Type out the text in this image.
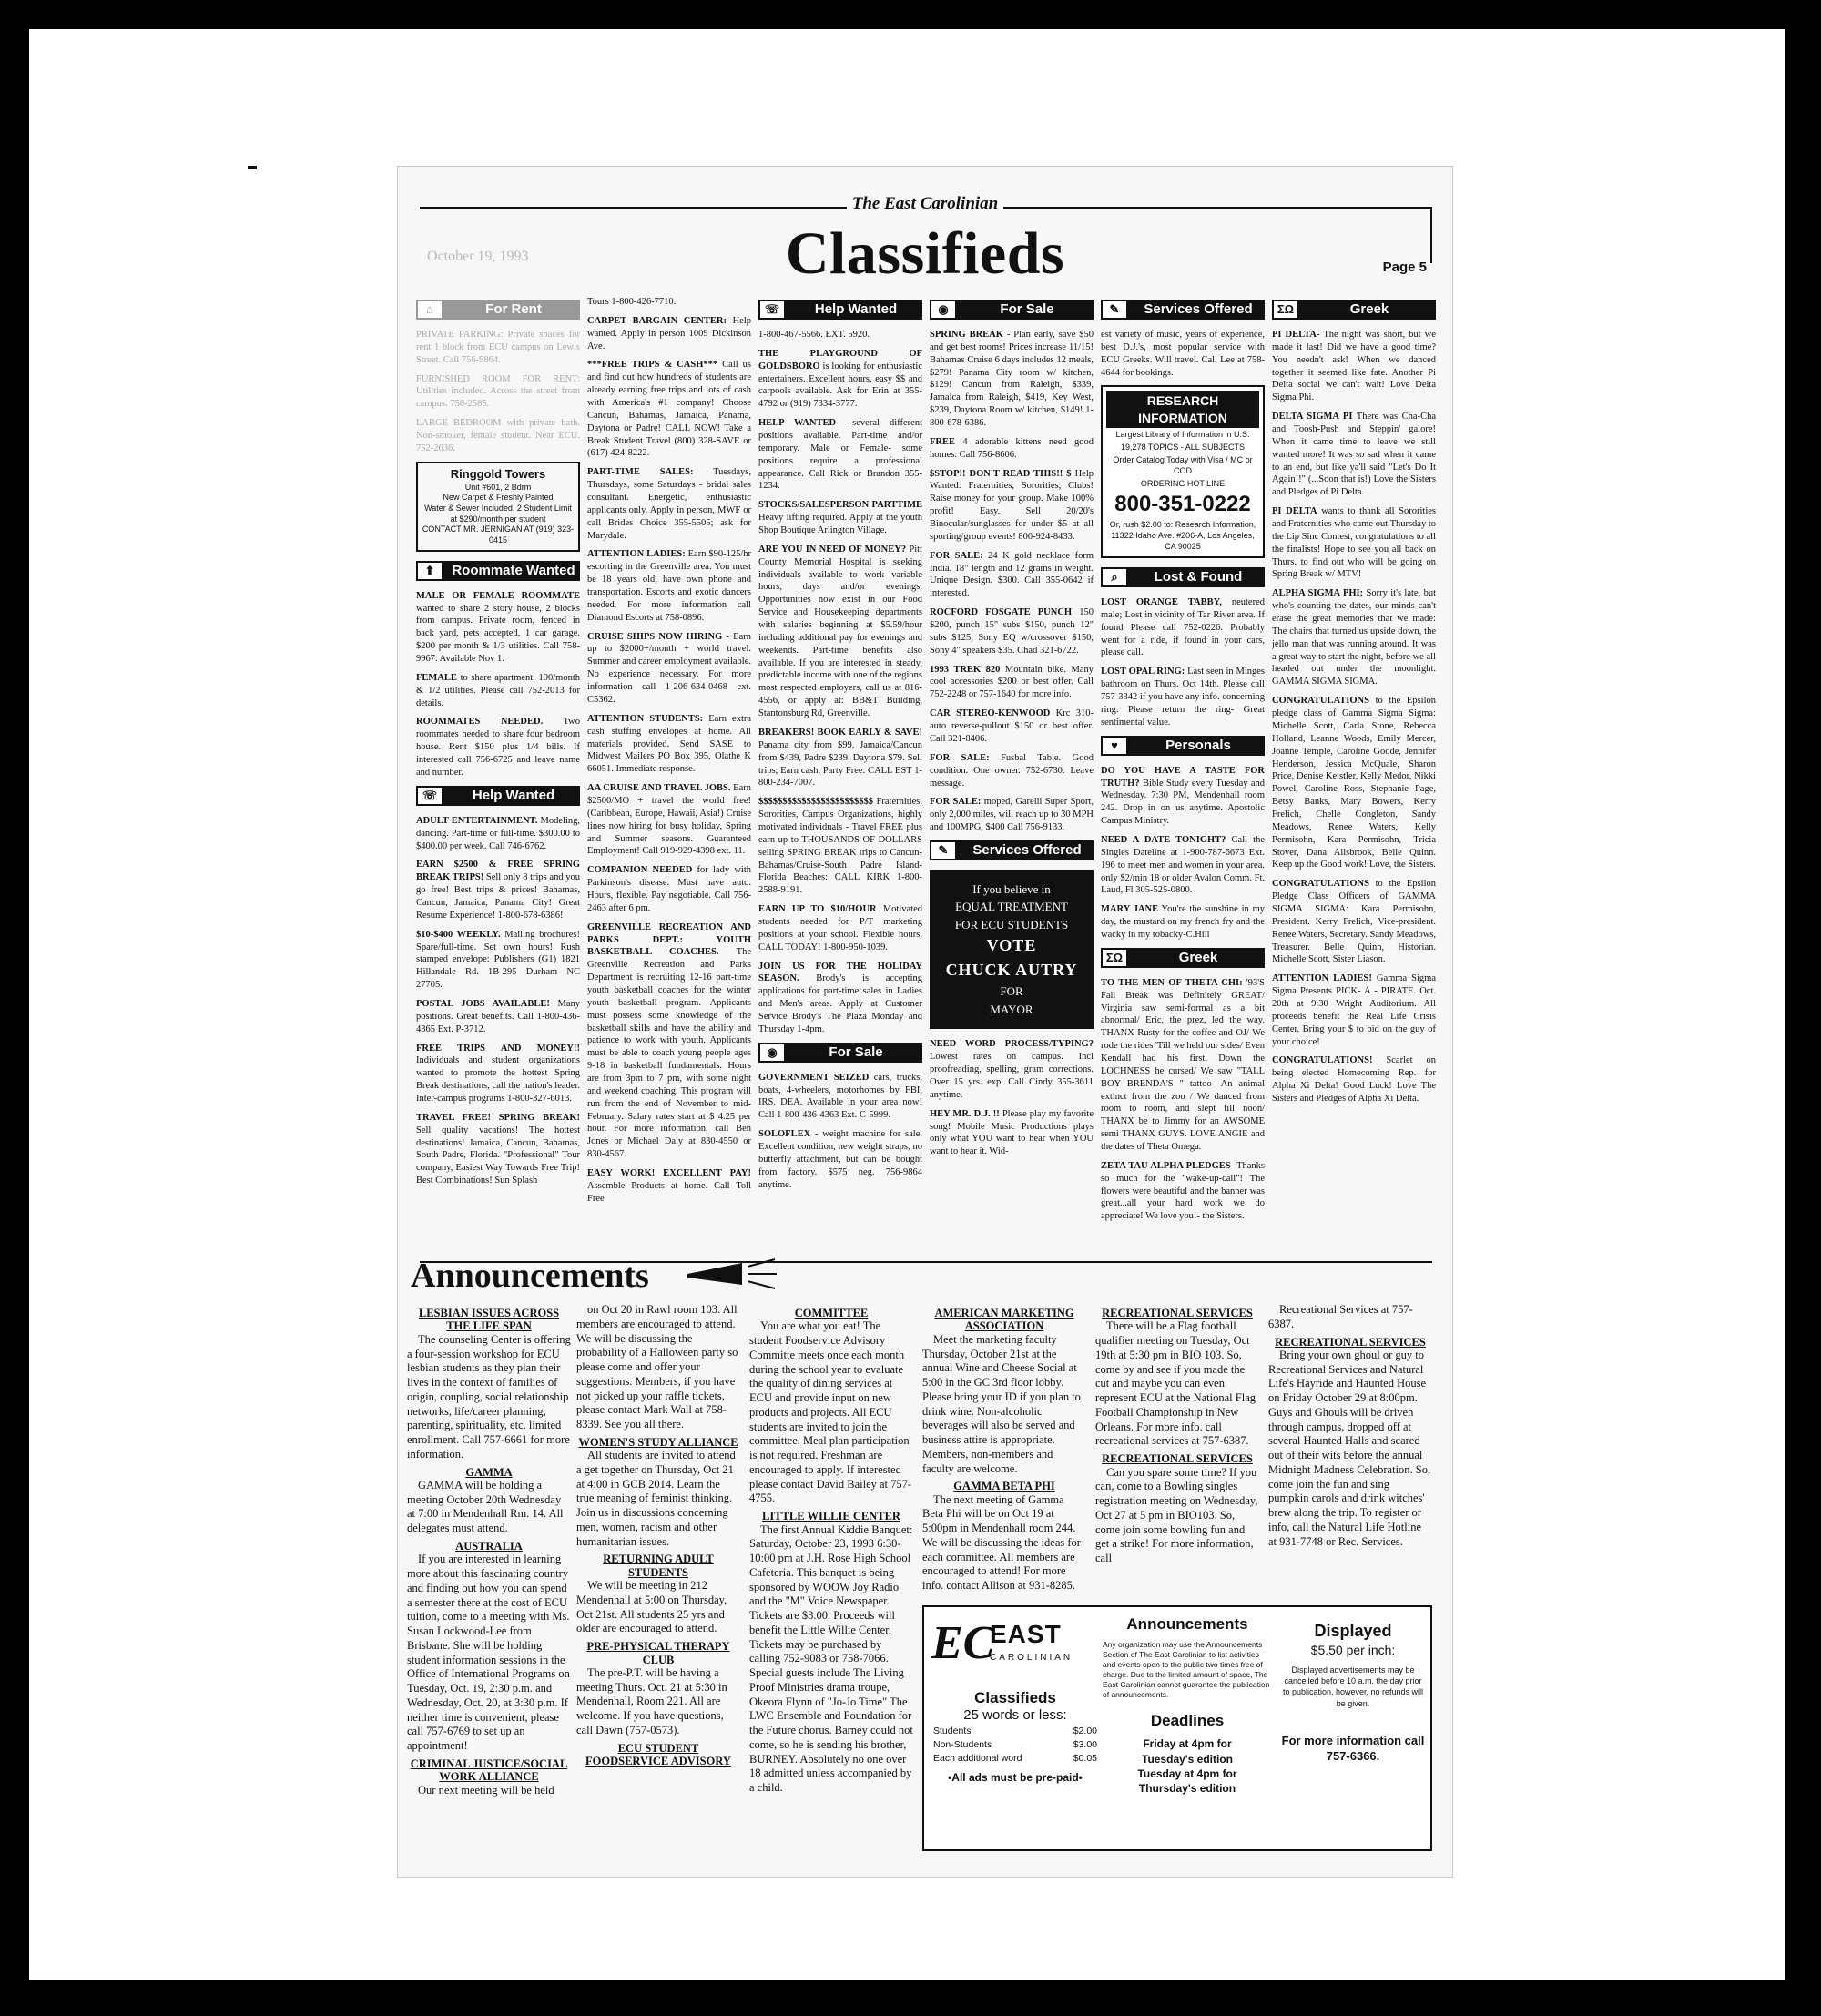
The East Carolinian
Classifieds
October 19, 1993
Page 5
⌂	For Rent

PRIVATE PARKING: Private spaces for rent 1 block from ECU campus on Lewis Street. Call 756-9864.

FURNISHED ROOM FOR RENT: Utilities included. Across the street from campus. 758-2585.

LARGE BEDROOM with private bath. Non-smoker, female student. Near ECU. 752-2636.

Ringgold Towers
Unit #601, 2 Bdrm
New Carpet & Freshly Painted
Water & Sewer Included, 2 Student Limit
at $290/month per student
CONTACT MR. JERNIGAN AT (919) 323-0415
⬆	Roommate Wanted

MALE OR FEMALE ROOMMATE wanted to share 2 story house, 2 blocks from campus. Private room, fenced in back yard, pets accepted, 1 car garage. $200 per month & 1/3 utilities. Call 758-9967. Available Nov 1.

FEMALE to share apartment. 190/month & 1/2 utilities. Please call 752-2013 for details.

ROOMMATES NEEDED. Two roommates needed to share four bedroom house. Rent $150 plus 1/4 bills. If interested call 756-6725 and leave name and number.

☏	Help Wanted

ADULT ENTERTAINMENT. Modeling, dancing. Part-time or full-time. $300.00 to $400.00 per week. Call 746-6762.

EARN $2500 & FREE SPRING BREAK TRIPS! Sell only 8 trips and you go free! Best trips & prices! Bahamas, Cancun, Jamaica, Panama City! Great Resume Experience! 1-800-678-6386!

$10-$400 WEEKLY. Mailing brochures! Spare/full-time. Set own hours! Rush stamped envelope: Publishers (G1) 1821 Hillandale Rd. 1B-295 Durham NC 27705.

POSTAL JOBS AVAILABLE! Many positions. Great benefits. Call 1-800-436-4365 Ext. P-3712.

FREE TRIPS AND MONEY!! Individuals and student organizations wanted to promote the hottest Spring Break destinations, call the nation's leader. Inter-campus programs 1-800-327-6013.

TRAVEL FREE! SPRING BREAK! Sell quality vacations! The hottest destinations! Jamaica, Cancun, Bahamas, South Padre, Florida. "Professional" Tour company, Easiest Way Towards Free Trip! Best Combinations! Sun Splash

Tours 1-800-426-7710.

CARPET BARGAIN CENTER: Help wanted. Apply in person 1009 Dickinson Ave.

***FREE TRIPS & CASH*** Call us and find out how hundreds of students are already earning free trips and lots of cash with America's #1 company! Choose Cancun, Bahamas, Jamaica, Panama, Daytona or Padre! CALL NOW! Take a Break Student Travel (800) 328-SAVE or (617) 424-8222.

PART-TIME SALES: Tuesdays, Thursdays, some Saturdays - bridal sales consultant. Energetic, enthusiastic applicants only. Apply in person, MWF or call Brides Choice 355-5505; ask for Marydale.

ATTENTION LADIES: Earn $90-125/hr escorting in the Greenville area. You must be 18 years old, have own phone and transportation. Escorts and exotic dancers needed. For more information call Diamond Escorts at 758-0896.

CRUISE SHIPS NOW HIRING - Earn up to $2000+/month + world travel. Summer and career employment available. No experience necessary. For more information call 1-206-634-0468 ext. C5362.

ATTENTION STUDENTS: Earn extra cash stuffing envelopes at home. All materials provided. Send SASE to Midwest Mailers PO Box 395, Olathe K 66051. Immediate response.

AA CRUISE AND TRAVEL JOBS. Earn $2500/MO + travel the world free! (Caribbean, Europe, Hawaii, Asia!) Cruise lines now hiring for busy holiday, Spring and Summer seasons. Guaranteed Employment! Call 919-929-4398 ext. 11.

COMPANION NEEDED for lady with Parkinson's disease. Must have auto. Hours, flexible. Pay negotiable. Call 756-2463 after 6 pm.

GREENVILLE RECREATION AND PARKS DEPT.: YOUTH BASKETBALL COACHES. The Greenville Recreation and Parks Department is recruiting 12-16 part-time youth basketball coaches for the winter youth basketball program. Applicants must possess some knowledge of the basketball skills and have the ability and patience to work with youth. Applicants must be able to coach young people ages 9-18 in basketball fundamentals. Hours are from 3pm to 7 pm, with some night and weekend coaching. This program will run from the end of November to mid-February. Salary rates start at $ 4.25 per hour. For more information, call Ben Jones or Michael Daly at 830-4550 or 830-4567.

EASY WORK! EXCELLENT PAY! Assemble Products at home. Call Toll Free

☏	Help Wanted

1-800-467-5566. EXT. 5920.

THE PLAYGROUND OF GOLDSBORO is looking for enthusiastic entertainers. Excellent hours, easy $$ and carpools available. Ask for Erin at 355-4792 or (919) 7334-3777.

HELP WANTED --several different positions available. Part-time and/or temporary. Male or Female- some positions require a professional appearance. Call Rick or Brandon 355-1234.

STOCKS/SALESPERSON PARTTIME Heavy lifting required. Apply at the youth Shop Boutique Arlington Village.

ARE YOU IN NEED OF MONEY? Pitt County Memorial Hospital is seeking individuals available to work variable hours, days and/or evenings. Opportunities now exist in our Food Service and Housekeeping departments with salaries beginning at $5.59/hour including additional pay for evenings and weekends. Part-time benefits also available. If you are interested in steady, predictable income with one of the regions most respected employers, call us at 816-4556, or apply at: BB&T Building, Stantonsburg Rd, Greenville.

BREAKERS! BOOK EARLY & SAVE! Panama city from $99, Jamaica/Cancun from $439, Padre $239, Daytona $79. Sell trips, Earn cash, Party Free. CALL EST 1-800-234-7007.

$$$$$$$$$$$$$$$$$$$$$$$$ Fraternities, Sororities, Campus Organizations, highly motivated individuals - Travel FREE plus earn up to THOUSANDS OF DOLLARS selling SPRING BREAK trips to Cancun-Bahamas/Cruise-South Padre Island-Florida Beaches: CALL KIRK 1-800-2588-9191.

EARN UP TO $10/HOUR Motivated students needed for P/T marketing positions at your school. Flexible hours. CALL TODAY! 1-800-950-1039.

JOIN US FOR THE HOLIDAY SEASON. Brody's is accepting applications for part-time sales in Ladies and Men's areas. Apply at Customer Service Brody's The Plaza Monday and Thursday 1-4pm.

◉	For Sale

GOVERNMENT SEIZED cars, trucks, boats, 4-wheelers, motorhomes by FBI, IRS, DEA. Available in your area now! Call 1-800-436-4363 Ext. C-5999.

SOLOFLEX - weight machine for sale. Excellent condition, new weight straps, no butterfly attachment, but can be bought from factory. $575 neg. 756-9864 anytime.

◉	For Sale

SPRING BREAK - Plan early, save $50 and get best rooms! Prices increase 11/15! Bahamas Cruise 6 days includes 12 meals, $279! Panama City room w/ kitchen, $129! Cancun from Raleigh, $339, Jamaica from Raleigh, $419, Key West, $239, Daytona Room w/ kitchen, $149! 1-800-678-6386.

FREE 4 adorable kittens need good homes. Call 756-8606.

$STOP!! DON'T READ THIS!! $ Help Wanted: Fraternities, Sororities, Clubs! Raise money for your group. Make 100% profit! Easy. Sell 20/20's Binocular/sunglasses for under $5 at all sporting/group events! 800-924-8433.

FOR SALE: 24 K gold necklace form India. 18" length and 12 grams in weight. Unique Design. $300. Call 355-0642 if interested.

ROCFORD FOSGATE PUNCH 150 $200, punch 15" subs $150, punch 12" subs $125, Sony EQ w/crossover $150, Sony 4" speakers $35. Chad 321-6722.

1993 TREK 820 Mountain bike. Many cool accessories $200 or best offer. Call 752-2248 or 757-1640 for more info.

CAR STEREO-KENWOOD Krc 310-auto reverse-pullout $150 or best offer. Call 321-8406.

FOR SALE: Fusbal Table. Good condition. One owner. 752-6730. Leave message.

FOR SALE: moped, Garelli Super Sport, only 2,000 miles, will reach up to 30 MPH and 100MPG, $400 Call 756-9133.

✎	Services Offered
If you believe in
EQUAL TREATMENT
FOR ECU STUDENTS
VOTE
CHUCK AUTRY
FOR
MAYOR

NEED WORD PROCESS/TYPING? Lowest rates on campus. Incl proofreading, spelling, gram corrections. Over 15 yrs. exp. Call Cindy 355-3611 anytime.

HEY MR. D.J. !! Please play my favorite song! Mobile Music Productions plays only what YOU want to hear when YOU want to hear it. Wid-

✎	Services Offered

est variety of music, years of experience, best D.J.'s, most popular service with ECU Greeks. Will travel. Call Lee at 758-4644 for bookings.

RESEARCH INFORMATION
Largest Library of Information in U.S.
19,278 TOPICS - ALL SUBJECTS
Order Catalog Today with Visa / MC or COD
ORDERING HOT LINE
800-351-0222
Or, rush $2.00 to: Research Information, 11322 Idaho Ave. #206-A, Los Angeles, CA 90025
⌕	Lost & Found

LOST ORANGE TABBY, neutered male; Lost in vicinity of Tar River area. If found Please call 752-0226. Probably went for a ride, if found in your cars, please call.

LOST OPAL RING: Last seen in Minges bathroom on Thurs. Oct 14th. Please call 757-3342 if you have any info. concerning ring. Please return the ring- Great sentimental value.

♥	Personals

DO YOU HAVE A TASTE FOR TRUTH? Bible Study every Tuesday and Wednesday. 7:30 PM, Mendenhall room 242. Drop in on us anytime. Apostolic Campus Ministry.

NEED A DATE TONIGHT? Call the Singles Dateline at 1-900-787-6673 Ext. 196 to meet men and women in your area. only $2/min 18 or older Avalon Comm. Ft. Laud, Fl 305-525-0800.

MARY JANE You're the sunshine in my day, the mustard on my french fry and the wacky in my tobacky-C.Hill

ΣΩ	Greek

TO THE MEN OF THETA CHI: '93'S Fall Break was Definitely GREAT/ Virginia saw semi-formal as a bit abnormal/ Eric, the prez, led the way, THANX Rusty for the coffee and OJ/ We rode the rides 'Till we held our sides/ Even Kendall had his first, Down the LOCHNESS he cursed/ We saw "TALL BOY BRENDA'S " tattoo- An animal extinct from the zoo / We danced from room to room, and slept till noon/ THANX be to Jimmy for an AWSOME semi THANX GUYS. LOVE ANGIE and the dates of Theta Omega.

ZETA TAU ALPHA PLEDGES- Thanks so much for the "wake-up-call"! The flowers were beautiful and the banner was great...all your hard work we do appreciate! We love you!- the Sisters.

ΣΩ	Greek

PI DELTA- The night was short, but we made it last! Did we have a good time? You needn't ask! When we danced together it seemed like fate. Another Pi Delta social we can't wait! Love Delta Sigma Phi.

DELTA SIGMA PI There was Cha-Cha and Toosh-Push and Steppin' galore! When it came time to leave we still wanted more! It was so sad when it came to an end, but like ya'll said "Let's Do It Again!!" (...Soon that is!) Love the Sisters and Pledges of Pi Delta.

PI DELTA wants to thank all Sororities and Fraternities who came out Thursday to the Lip Sinc Contest, congratulations to all the finalists! Hope to see you all back on Thurs. to find out who will be going on Spring Break w/ MTV!

ALPHA SIGMA PHI; Sorry it's late, but who's counting the dates, our minds can't erase the great memories that we made: The chairs that turned us upside down, the jello man that was running around. It was a great way to start the night, before we all headed out under the moonlight. GAMMA SIGMA SIGMA.

CONGRATULATIONS to the Epsilon pledge class of Gamma Sigma Sigma: Michelle Scott, Carla Stone, Rebecca Holland, Leanne Woods, Emily Mercer, Joanne Temple, Caroline Goode, Jennifer Henderson, Jessica McQuale, Sharon Price, Denise Keistler, Kelly Medor, Nikki Powel, Caroline Ross, Stephanie Page, Betsy Banks, Mary Bowers, Kerry Frelich, Chelle Congleton, Sandy Meadows, Renee Waters, Kelly Permisohn, Kara Permisohn, Tricia Stover, Dana Allsbrook, Belle Quinn. Keep up the Good work! Love, the Sisters.

CONGRATULATIONS to the Epsilon Pledge Class Officers of GAMMA SIGMA SIGMA: Kara Permisohn, President. Kerry Frelich, Vice-president. Renee Waters, Secretary. Sandy Meadows, Treasurer. Belle Quinn, Historian. Michelle Scott, Sister Liason.

ATTENTION LADIES! Gamma Sigma Sigma Presents PICK- A - PIRATE. Oct. 20th at 9:30 Wright Auditorium. All proceeds benefit the Real Life Crisis Center. Bring your $ to bid on the guy of your choice!

CONGRATULATIONS! Scarlet on being elected Homecoming Rep. for Alpha Xi Delta! Good Luck! Love The Sisters and Pledges of Alpha Xi Delta.

Announcements
LESBIAN ISSUES ACROSS THE LIFE SPAN

The counseling Center is offering a four-session workshop for ECU lesbian students as they plan their lives in the context of families of origin, coupling, social relationship networks, life/career planning, parenting, spirituality, etc. limited enrollment. Call 757-6661 for more information.

GAMMA

GAMMA will be holding a meeting October 20th Wednesday at 7:00 in Mendenhall Rm. 14. All delegates must attend.

AUSTRALIA

If you are interested in learning more about this fascinating country and finding out how you can spend a semester there at the cost of ECU tuition, come to a meeting with Ms. Susan Lockwood-Lee from Brisbane. She will be holding student information sessions in the Office of International Programs on Tuesday, Oct. 19, 2:30 p.m. and Wednesday, Oct. 20, at 3:30 p.m. If neither time is convenient, please call 757-6769 to set up an appointment!

CRIMINAL JUSTICE/SOCIAL WORK ALLIANCE

Our next meeting will be held

on Oct 20 in Rawl room 103. All members are encouraged to attend. We will be discussing the probability of a Halloween party so please come and offer your suggestions. Members, if you have not picked up your raffle tickets, please contact Mark Wall at 758-8339. See you all there.

WOMEN'S STUDY ALLIANCE

All students are invited to attend a get together on Thursday, Oct 21 at 4:00 in GCB 2014. Learn the true meaning of feminist thinking. Join us in discussions concerning men, women, racism and other humanitarian issues.

RETURNING ADULT STUDENTS

We will be meeting in 212 Mendenhall at 5:00 on Thursday, Oct 21st. All students 25 yrs and older are encouraged to attend.

PRE-PHYSICAL THERAPY CLUB

The pre-P.T. will be having a meeting Thurs. Oct. 21 at 5:30 in Mendenhall, Room 221. All are welcome. If you have questions, call Dawn (757-0573).

ECU STUDENT FOODSERVICE ADVISORY
COMMITTEE

You are what you eat! The student Foodservice Advisory Committe meets once each month during the school year to evaluate the quality of dining services at ECU and provide input on new products and projects. All ECU students are invited to join the committee. Meal plan participation is not required. Freshman are encouraged to apply. If interested please contact David Bailey at 757-4755.

LITTLE WILLIE CENTER

The first Annual Kiddie Banquet: Saturday, October 23, 1993 6:30-10:00 pm at J.H. Rose High School Cafeteria. This banquet is being sponsored by WOOW Joy Radio and the "M" Voice Newspaper. Tickets are $3.00. Proceeds will benefit the Little Willie Center. Tickets may be purchased by calling 752-9083 or 758-7066. Special guests include The Living Proof Ministries drama troupe, Okeora Flynn of "Jo-Jo Time" The LWC Ensemble and Foundation for the Future chorus. Barney could not come, so he is sending his brother, BURNEY. Absolutely no one over 18 admitted unless accompanied by a child.

AMERICAN MARKETING ASSOCIATION

Meet the marketing faculty Thursday, October 21st at the annual Wine and Cheese Social at 5:00 in the GC 3rd floor lobby. Please bring your ID if you plan to drink wine. Non-alcoholic beverages will also be served and business attire is appropriate. Members, non-members and faculty are welcome.

GAMMA BETA PHI

The next meeting of Gamma Beta Phi will be on Oct 19 at 5:00pm in Mendenhall room 244. We will be discussing the ideas for each committee. All members are encouraged to attend! For more info. contact Allison at 931-8285.

RECREATIONAL SERVICES

There will be a Flag football qualifier meeting on Tuesday, Oct 19th at 5:30 pm in BIO 103. So, come by and see if you made the cut and maybe you can even represent ECU at the National Flag Football Championship in New Orleans. For more info. call recreational services at 757-6387.

RECREATIONAL SERVICES

Can you spare some time? If you can, come to a Bowling singles registration meeting on Wednesday, Oct 27 at 5 pm in BIO103. So, come join some bowling fun and get a strike! For more information, call

Recreational Services at 757-6387.

RECREATIONAL SERVICES

Bring your own ghoul or guy to Recreational Services and Natural Life's Hayride and Haunted House on Friday October 29 at 8:00pm. Guys and Ghouls will be driven through campus, dropped off at several Haunted Halls and scared out of their wits before the annual Midnight Madness Celebration. So, come join the fun and sing pumpkin carols and drink witches' brew along the trip. To register or info, call the Natural Life Hotline at 931-7748 or Rec. Services.

EC
EAST
CAROLINIAN
Classifieds
25 words or less:
Students	$2.00
Non-Students	$3.00
Each additional word	$0.05
•All ads must be pre-paid•
Announcements
Any organization may use the Announcements Section of The East Carolinian to list activities and events open to the public two times free of charge. Due to the limited amount of space, The East Carolinian cannot guarantee the publication of announcements.
Deadlines
Friday at 4pm for
Tuesday's edition
Tuesday at 4pm for
Thursday's edition
Displayed
$5.50 per inch:
Displayed advertisements may be cancelled before 10 a.m. the day prior to publication, however, no refunds will be given.
For more information call 757-6366.
